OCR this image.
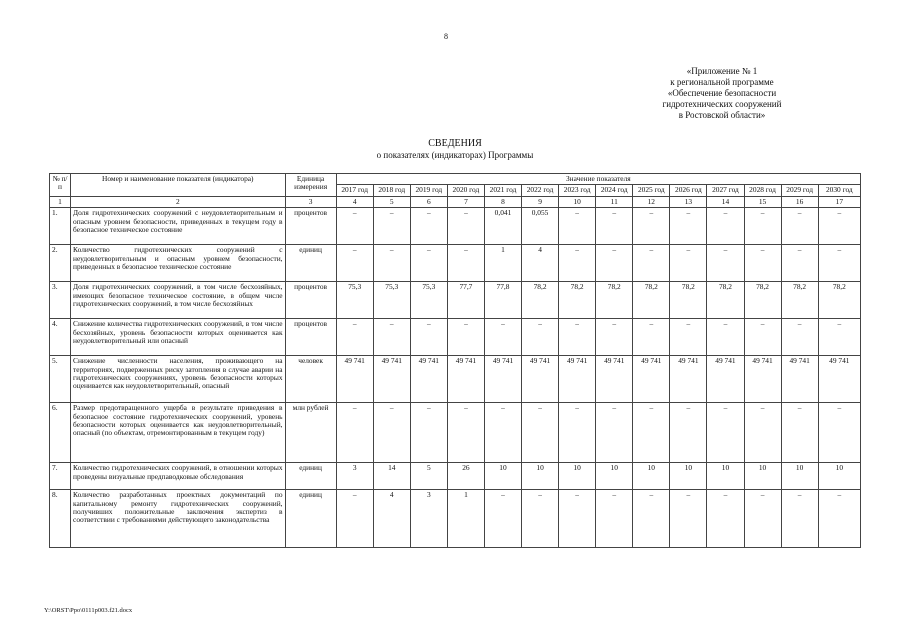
8
«Приложение № 1
к региональной программе
«Обеспечение безопасности
гидротехнических сооружений
в Ростовской области»
СВЕДЕНИЯ
о показателях (индикаторах) Программы
№ п/п	Номер и наименование показателя (индикатора)	Единица измерения	Значение показателя													
			2017 год	2018 год	2019 год	2020 год	2021 год	2022 год	2023 год	2024 год	2025 год	2026 год	2027 год	2028 год	2029 год	2030 год
1	2	3	4	5	6	7	8	9	10	11	12	13	14	15	16	17
1.	Доля гидротехнических сооружений с неудовлетворительным и опасным уровнем безопасности, приведенных в текущем году в безопасное техническое состояние	процентов	–	–	–	–	0,041	0,055	–	–	–	–	–	–	–	–
2.	Количество гидротехнических сооружений с неудовлетворительным и опасным уровнем безопасности, приведенных в безопасное техническое состояние	единиц	–	–	–	–	1	4	–	–	–	–	–	–	–	–
3.	Доля гидротехнических сооружений, в том числе бесхозяйных, имеющих безопасное техническое состояние, в общем числе гидротехнических сооружений, в том числе бесхозяйных	процентов	75,3	75,3	75,3	77,7	77,8	78,2	78,2	78,2	78,2	78,2	78,2	78,2	78,2	78,2
4.	Снижение количества гидротехнических сооружений, в том числе бесхозяйных, уровень безопасности которых оценивается как неудовлетворительный или опасный	процентов	–	–	–	–	–	–	–	–	–	–	–	–	–	–
5.	Снижение численности населения, проживающего на территориях, подверженных риску затопления в случае аварии на гидротехнических сооружениях, уровень безопасности которых оценивается как неудовлетворительный, опасный	человек	49 741	49 741	49 741	49 741	49 741	49 741	49 741	49 741	49 741	49 741	49 741	49 741	49 741	49 741
6.	Размер предотвращенного ущерба в результате приведения в безопасное состояние гидротехнических сооружений, уровень безопасности которых оценивается как неудовлетворительный, опасный (по объектам, отремонтированным в текущем году)	млн рублей	–	–	–	–	–	–	–	–	–	–	–	–	–	–
7.	Количество гидротехнических сооружений, в отношении которых проведены визуальные предпаводковые обследования	единиц	3	14	5	26	10	10	10	10	10	10	10	10	10	10
8.	Количество разработанных проектных документаций по капитальному ремонту гидротехнических сооружений, получивших положительные заключения экспертиз в соответствии с требованиями действующего законодательства	единиц	–	4	3	1	–	–	–	–	–	–	–	–	–	–
Y:\ORST\Ppo\0111p003.f21.docx
